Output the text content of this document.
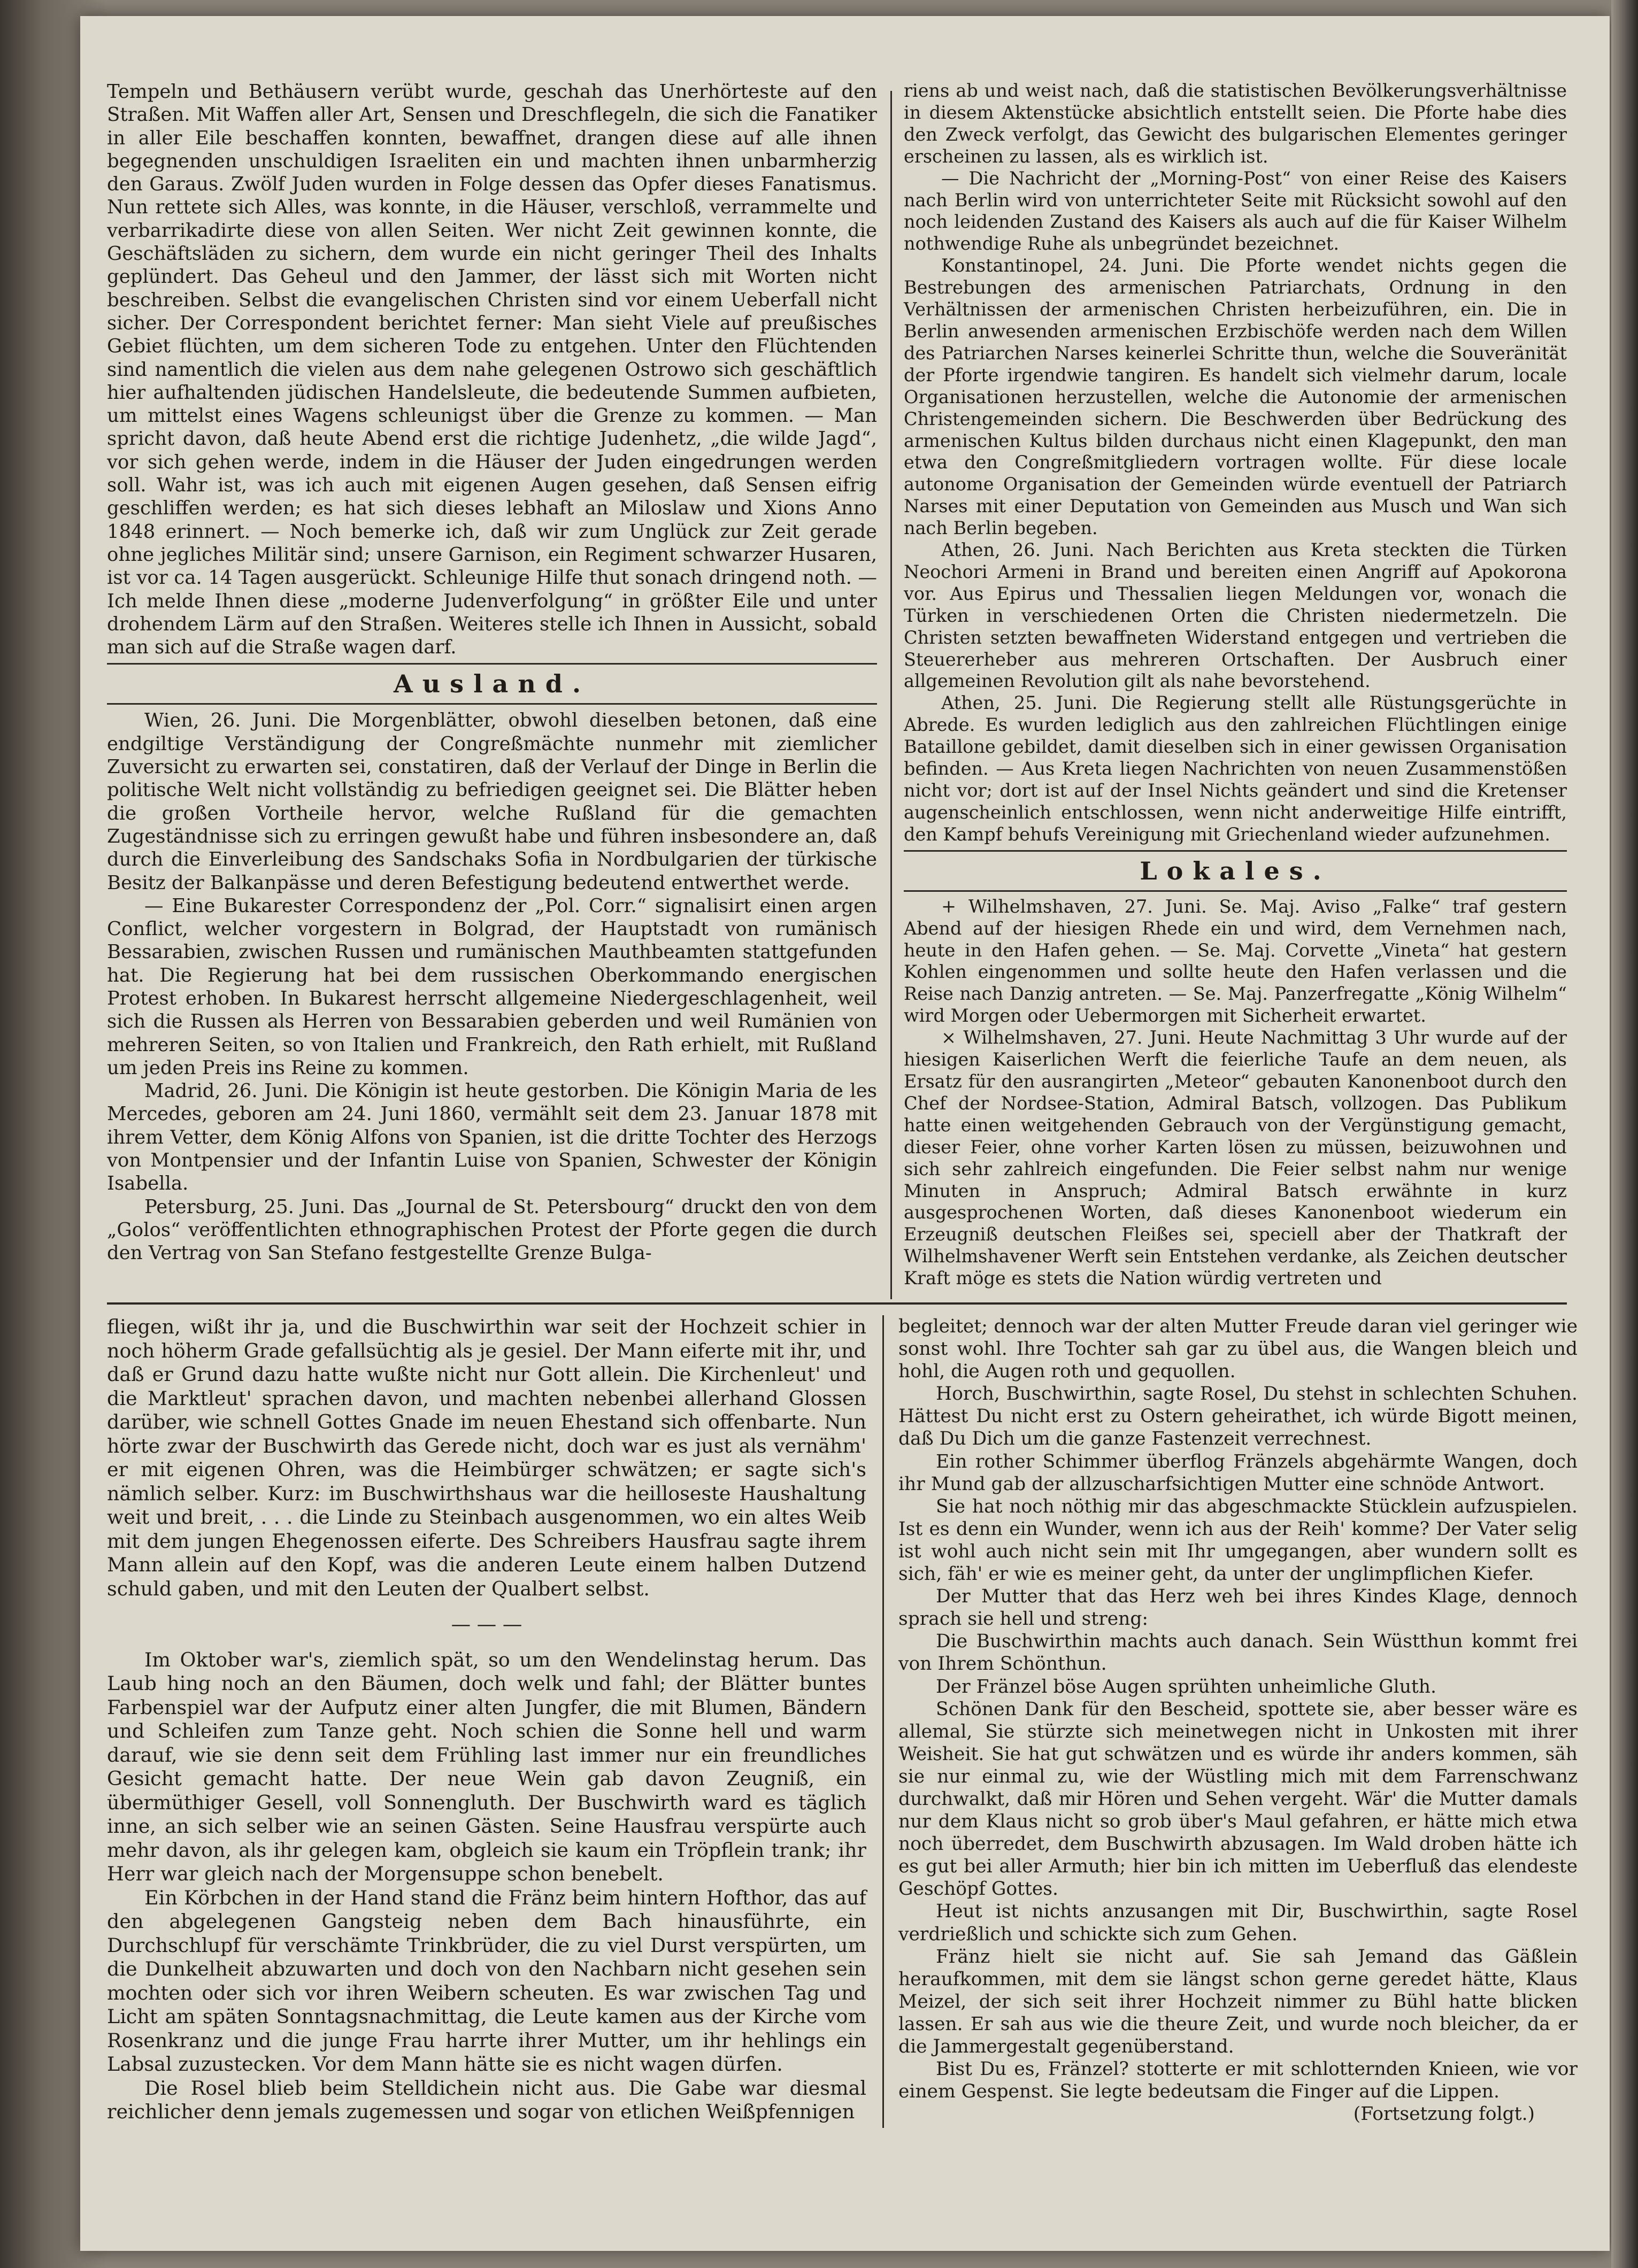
Tempeln und Bethäusern verübt wurde, geschah das Unerhörteste auf den Straßen. Mit Waffen aller Art, Sensen und Dreschflegeln, die sich die Fanatiker in aller Eile beschaffen konnten, bewaffnet, drangen diese auf alle ihnen begegnenden unschuldigen Israeliten ein und machten ihnen unbarmherzig den Garaus. Zwölf Juden wurden in Folge dessen das Opfer dieses Fanatismus. Nun rettete sich Alles, was konnte, in die Häuser, verschloß, verrammelte und verbarrikadirte diese von allen Seiten. Wer nicht Zeit gewinnen konnte, die Geschäftsläden zu sichern, dem wurde ein nicht geringer Theil des Inhalts geplündert. Das Geheul und den Jammer, der lässt sich mit Worten nicht beschreiben. Selbst die evangelischen Christen sind vor einem Ueberfall nicht sicher. Der Correspondent berichtet ferner: Man sieht Viele auf preußisches Gebiet flüchten, um dem sicheren Tode zu entgehen. Unter den Flüchtenden sind namentlich die vielen aus dem nahe gelegenen Ostrowo sich geschäftlich hier aufhaltenden jüdischen Handelsleute, die bedeutende Summen aufbieten, um mittelst eines Wagens schleunigst über die Grenze zu kommen. — Man spricht davon, daß heute Abend erst die richtige Judenhetz, „die wilde Jagd“, vor sich gehen werde, indem in die Häuser der Juden eingedrungen werden soll. Wahr ist, was ich auch mit eigenen Augen gesehen, daß Sensen eifrig geschliffen werden; es hat sich dieses lebhaft an Miloslaw und Xions Anno 1848 erinnert. — Noch bemerke ich, daß wir zum Unglück zur Zeit gerade ohne jegliches Militär sind; unsere Garnison, ein Regiment schwarzer Husaren, ist vor ca. 14 Tagen ausgerückt. Schleunige Hilfe thut sonach dringend noth. — Ich melde Ihnen diese „moderne Judenverfolgung“ in größter Eile und unter drohendem Lärm auf den Straßen. Weiteres stelle ich Ihnen in Aussicht, sobald man sich auf die Straße wagen darf.

Ausland.

Wien, 26. Juni. Die Morgenblätter, obwohl dieselben betonen, daß eine endgiltige Verständigung der Congreßmächte nunmehr mit ziemlicher Zuversicht zu erwarten sei, constatiren, daß der Verlauf der Dinge in Berlin die politische Welt nicht vollständig zu befriedigen geeignet sei. Die Blätter heben die großen Vortheile hervor, welche Rußland für die gemachten Zugeständnisse sich zu erringen gewußt habe und führen insbesondere an, daß durch die Einverleibung des Sandschaks Sofia in Nordbulgarien der türkische Besitz der Balkanpässe und deren Befestigung bedeutend entwerthet werde.

— Eine Bukarester Correspondenz der „Pol. Corr.“ signalisirt einen argen Conflict, welcher vorgestern in Bolgrad, der Hauptstadt von rumänisch Bessarabien, zwischen Russen und rumänischen Mauthbeamten stattgefunden hat. Die Regierung hat bei dem russischen Oberkommando energischen Protest erhoben. In Bukarest herrscht allgemeine Niedergeschlagenheit, weil sich die Russen als Herren von Bessarabien geberden und weil Rumänien von mehreren Seiten, so von Italien und Frankreich, den Rath erhielt, mit Rußland um jeden Preis ins Reine zu kommen.

Madrid, 26. Juni. Die Königin ist heute gestorben. Die Königin Maria de les Mercedes, geboren am 24. Juni 1860, vermählt seit dem 23. Januar 1878 mit ihrem Vetter, dem König Alfons von Spanien, ist die dritte Tochter des Herzogs von Montpensier und der Infantin Luise von Spanien, Schwester der Königin Isabella.

Petersburg, 25. Juni. Das „Journal de St. Petersbourg“ druckt den von dem „Golos“ veröffentlichten ethnographischen Protest der Pforte gegen die durch den Vertrag von San Stefano festgestellte Grenze Bulga-

riens ab und weist nach, daß die statistischen Bevölkerungsverhältnisse in diesem Aktenstücke absichtlich entstellt seien. Die Pforte habe dies den Zweck verfolgt, das Gewicht des bulgarischen Elementes geringer erscheinen zu lassen, als es wirklich ist.

— Die Nachricht der „Morning-Post“ von einer Reise des Kaisers nach Berlin wird von unterrichteter Seite mit Rücksicht sowohl auf den noch leidenden Zustand des Kaisers als auch auf die für Kaiser Wilhelm nothwendige Ruhe als unbegründet bezeichnet.

Konstantinopel, 24. Juni. Die Pforte wendet nichts gegen die Bestrebungen des armenischen Patriarchats, Ordnung in den Verhältnissen der armenischen Christen herbeizuführen, ein. Die in Berlin anwesenden armenischen Erzbischöfe werden nach dem Willen des Patriarchen Narses keinerlei Schritte thun, welche die Souveränität der Pforte irgendwie tangiren. Es handelt sich vielmehr darum, locale Organisationen herzustellen, welche die Autonomie der armenischen Christengemeinden sichern. Die Beschwerden über Bedrückung des armenischen Kultus bilden durchaus nicht einen Klagepunkt, den man etwa den Congreßmitgliedern vortragen wollte. Für diese locale autonome Organisation der Gemeinden würde eventuell der Patriarch Narses mit einer Deputation von Gemeinden aus Musch und Wan sich nach Berlin begeben.

Athen, 26. Juni. Nach Berichten aus Kreta steckten die Türken Neochori Armeni in Brand und bereiten einen Angriff auf Apokorona vor. Aus Epirus und Thessalien liegen Meldungen vor, wonach die Türken in verschiedenen Orten die Christen niedermetzeln. Die Christen setzten bewaffneten Widerstand entgegen und vertrieben die Steuererheber aus mehreren Ortschaften. Der Ausbruch einer allgemeinen Revolution gilt als nahe bevorstehend.

Athen, 25. Juni. Die Regierung stellt alle Rüstungsgerüchte in Abrede. Es wurden lediglich aus den zahlreichen Flüchtlingen einige Bataillone gebildet, damit dieselben sich in einer gewissen Organisation befinden. — Aus Kreta liegen Nachrichten von neuen Zusammenstößen nicht vor; dort ist auf der Insel Nichts geändert und sind die Kretenser augenscheinlich entschlossen, wenn nicht anderweitige Hilfe eintrifft, den Kampf behufs Vereinigung mit Griechenland wieder aufzunehmen.

Lokales.

+ Wilhelmshaven, 27. Juni. Se. Maj. Aviso „Falke“ traf gestern Abend auf der hiesigen Rhede ein und wird, dem Vernehmen nach, heute in den Hafen gehen. — Se. Maj. Corvette „Vineta“ hat gestern Kohlen eingenommen und sollte heute den Hafen verlassen und die Reise nach Danzig antreten. — Se. Maj. Panzerfregatte „König Wilhelm“ wird Morgen oder Uebermorgen mit Sicherheit erwartet.

× Wilhelmshaven, 27. Juni. Heute Nachmittag 3 Uhr wurde auf der hiesigen Kaiserlichen Werft die feierliche Taufe an dem neuen, als Ersatz für den ausrangirten „Meteor“ gebauten Kanonenboot durch den Chef der Nordsee-Station, Admiral Batsch, vollzogen. Das Publikum hatte einen weitgehenden Gebrauch von der Vergünstigung gemacht, dieser Feier, ohne vorher Karten lösen zu müssen, beizuwohnen und sich sehr zahlreich eingefunden. Die Feier selbst nahm nur wenige Minuten in Anspruch; Admiral Batsch erwähnte in kurz ausgesprochenen Worten, daß dieses Kanonenboot wiederum ein Erzeugniß deutschen Fleißes sei, speciell aber der Thatkraft der Wilhelmshavener Werft sein Entstehen verdanke, als Zeichen deutscher Kraft möge es stets die Nation würdig vertreten und

fliegen, wißt ihr ja, und die Buschwirthin war seit der Hochzeit schier in noch höherm Grade gefallsüchtig als je gesiel. Der Mann eiferte mit ihr, und daß er Grund dazu hatte wußte nicht nur Gott allein. Die Kirchenleut' und die Marktleut' sprachen davon, und machten nebenbei allerhand Glossen darüber, wie schnell Gottes Gnade im neuen Ehestand sich offenbarte. Nun hörte zwar der Buschwirth das Gerede nicht, doch war es just als vernähm' er mit eigenen Ohren, was die Heimbürger schwätzen; er sagte sich's nämlich selber. Kurz: im Buschwirthshaus war die heilloseste Haushaltung weit und breit, . . . die Linde zu Steinbach ausgenommen, wo ein altes Weib mit dem jungen Ehegenossen eiferte. Des Schreibers Hausfrau sagte ihrem Mann allein auf den Kopf, was die anderen Leute einem halben Dutzend schuld gaben, und mit den Leuten der Qualbert selbst.

— — —

Im Oktober war's, ziemlich spät, so um den Wendelinstag herum. Das Laub hing noch an den Bäumen, doch welk und fahl; der Blätter buntes Farbenspiel war der Aufputz einer alten Jungfer, die mit Blumen, Bändern und Schleifen zum Tanze geht. Noch schien die Sonne hell und warm darauf, wie sie denn seit dem Frühling last immer nur ein freundliches Gesicht gemacht hatte. Der neue Wein gab davon Zeugniß, ein übermüthiger Gesell, voll Sonnengluth. Der Buschwirth ward es täglich inne, an sich selber wie an seinen Gästen. Seine Hausfrau verspürte auch mehr davon, als ihr gelegen kam, obgleich sie kaum ein Tröpflein trank; ihr Herr war gleich nach der Morgensuppe schon benebelt.

Ein Körbchen in der Hand stand die Fränz beim hintern Hofthor, das auf den abgelegenen Gangsteig neben dem Bach hinausführte, ein Durchschlupf für verschämte Trinkbrüder, die zu viel Durst verspürten, um die Dunkelheit abzuwarten und doch von den Nachbarn nicht gesehen sein mochten oder sich vor ihren Weibern scheuten. Es war zwischen Tag und Licht am späten Sonntagsnachmittag, die Leute kamen aus der Kirche vom Rosenkranz und die junge Frau harrte ihrer Mutter, um ihr hehlings ein Labsal zuzustecken. Vor dem Mann hätte sie es nicht wagen dürfen.

Die Rosel blieb beim Stelldichein nicht aus. Die Gabe war diesmal reichlicher denn jemals zugemessen und sogar von etlichen Weißpfennigen

begleitet; dennoch war der alten Mutter Freude daran viel geringer wie sonst wohl. Ihre Tochter sah gar zu übel aus, die Wangen bleich und hohl, die Augen roth und gequollen.

Horch, Buschwirthin, sagte Rosel, Du stehst in schlechten Schuhen. Hättest Du nicht erst zu Ostern geheirathet, ich würde Bigott meinen, daß Du Dich um die ganze Fastenzeit verrechnest.

Ein rother Schimmer überflog Fränzels abgehärmte Wangen, doch ihr Mund gab der allzuscharfsichtigen Mutter eine schnöde Antwort.

Sie hat noch nöthig mir das abgeschmackte Stücklein aufzuspielen. Ist es denn ein Wunder, wenn ich aus der Reih' komme? Der Vater selig ist wohl auch nicht sein mit Ihr umgegangen, aber wundern sollt es sich, fäh' er wie es meiner geht, da unter der unglimpflichen Kiefer.

Der Mutter that das Herz weh bei ihres Kindes Klage, dennoch sprach sie hell und streng:

Die Buschwirthin machts auch danach. Sein Wüstthun kommt frei von Ihrem Schönthun.

Der Fränzel böse Augen sprühten unheimliche Gluth.

Schönen Dank für den Bescheid, spottete sie, aber besser wäre es allemal, Sie stürzte sich meinetwegen nicht in Unkosten mit ihrer Weisheit. Sie hat gut schwätzen und es würde ihr anders kommen, säh sie nur einmal zu, wie der Wüstling mich mit dem Farrenschwanz durchwalkt, daß mir Hören und Sehen vergeht. Wär' die Mutter damals nur dem Klaus nicht so grob über's Maul gefahren, er hätte mich etwa noch überredet, dem Buschwirth abzusagen. Im Wald droben hätte ich es gut bei aller Armuth; hier bin ich mitten im Ueberfluß das elendeste Geschöpf Gottes.

Heut ist nichts anzusangen mit Dir, Buschwirthin, sagte Rosel verdrießlich und schickte sich zum Gehen.

Fränz hielt sie nicht auf. Sie sah Jemand das Gäßlein heraufkommen, mit dem sie längst schon gerne geredet hätte, Klaus Meizel, der sich seit ihrer Hochzeit nimmer zu Bühl hatte blicken lassen. Er sah aus wie die theure Zeit, und wurde noch bleicher, da er die Jammergestalt gegenüberstand.

Bist Du es, Fränzel? stotterte er mit schlotternden Knieen, wie vor einem Gespenst. Sie legte bedeutsam die Finger auf die Lippen.

(Fortsetzung folgt.)
